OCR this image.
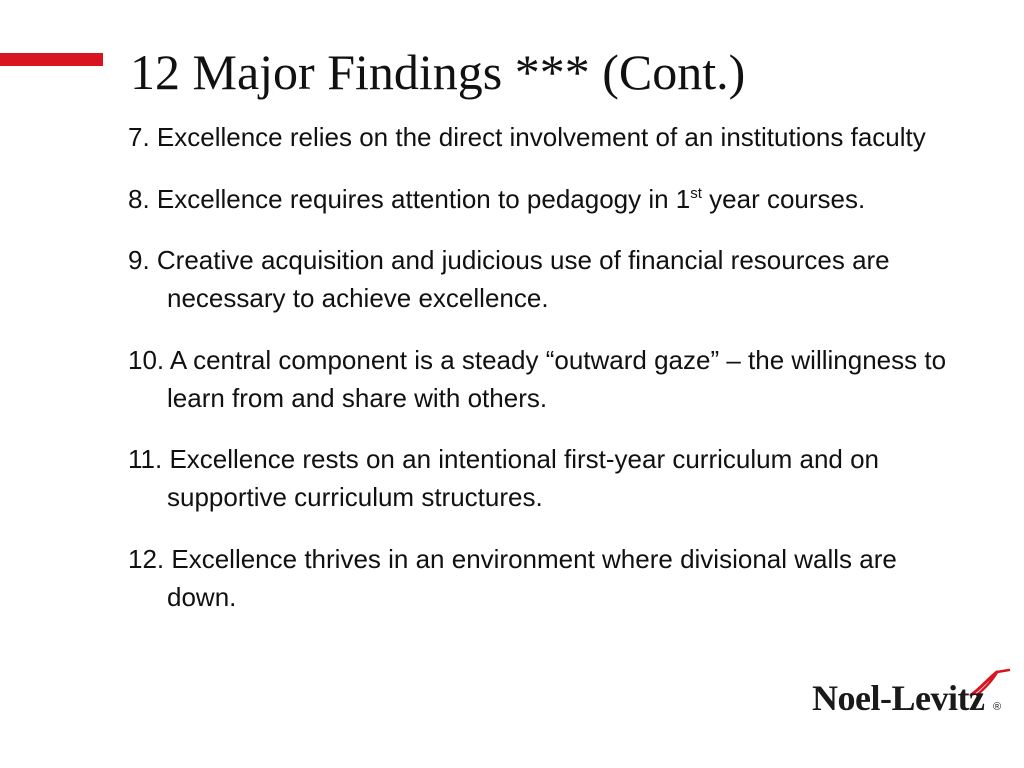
12 Major Findings *** (Cont.)
7. Excellence relies on the direct involvement of an institutions faculty
8. Excellence requires attention to pedagogy in 1st year courses.
9. Creative acquisition and judicious use of financial resources are necessary to achieve excellence.
10. A central component is a steady “outward gaze” – the willingness to learn from and share with others.
11. Excellence rests on an intentional first-year curriculum and on supportive curriculum structures.
12. Excellence thrives in an environment where divisional walls are down.
Noel-Levitz ®
